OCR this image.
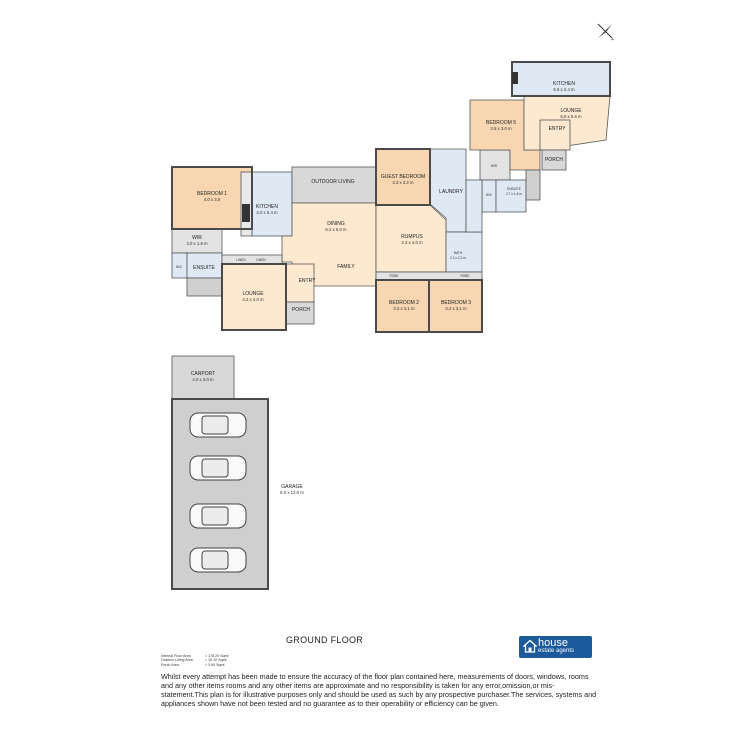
BEDROOM 1
4.0 x 3.8
KITCHEN
3.0 x 5.4 m
OUTDOOR LIVING
DINING
5.2 x 5.0 m
FAMILY
WIR
3.0 x 1.8 m
W/C ENSUITE
LINEN	LINEN
LOUNGE
4.2 x 4.0 m
ENTRY
PORCH
GUEST BEDROOM
3.3 x 3.2 m
LAUNDRY
RUMPUS
4.3 x 4.0 m
BATH
2.2 x 2.2 m
ROBE	ROBE
BEDROOM 2
3.2 x 3.1 m
BEDROOM 3
3.2 x 3.1 m
WIR
W/C
ENSUITE
2.7 x 1.8 m
BEDROOM 5
3.5 x 3.0 m
KITCHEN
5.5 x 2.4 m
LOUNGE
5.6 x 5.6 m
ENTRY
PORCH
CARPORT
4.0 x 3.0 m
GARAGE
8.0 x 12.0 m
+
GROUND FLOOR
Internal Floor Area	= 178.20 Sqmt
Outdoor Living Area	= 10.10 Sqmt
Porch Area	= 3.90 Sqmt
Whilst every attempt has been made to ensure the accuracy of the floor plan contained here, measurements of doors, windows, rooms and any other items rooms and any other items are approximate and no responsibility is taken for any error,omission,or mis-statement.This plan is for illustrative purposes only and should be used as such by any prospective purchaser.The services, systems and appliances shown have not been tested and no guarantee as to their operability or efficiency can be given.
house
estate agents
